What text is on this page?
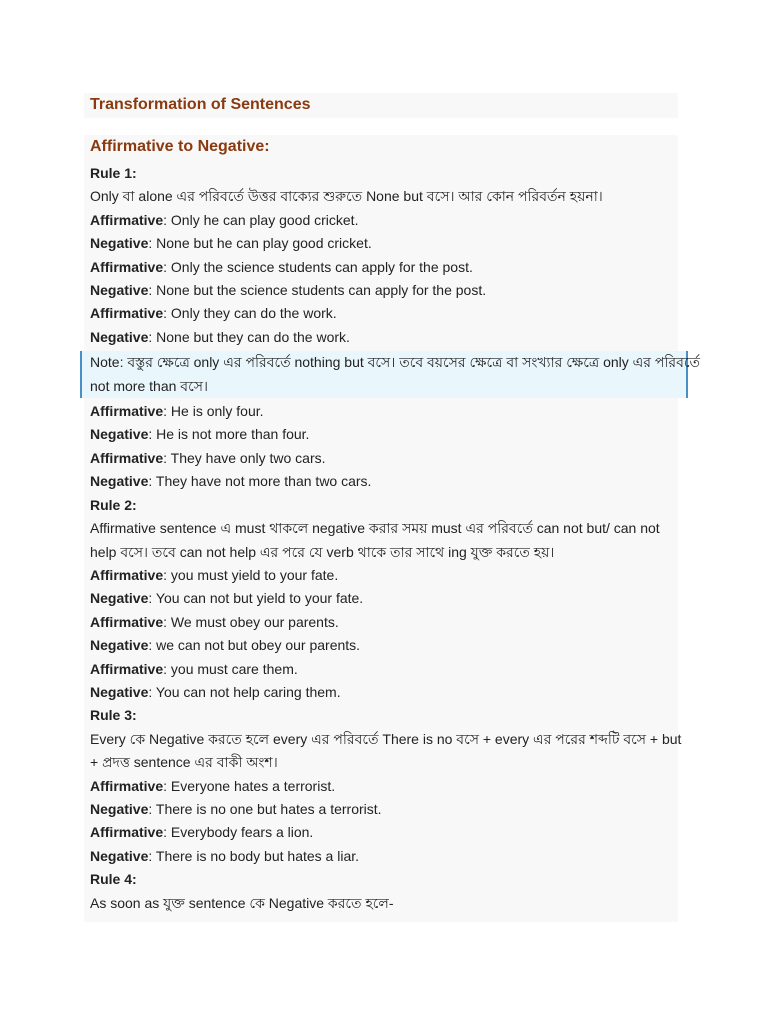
Transformation of Sentences
Affirmative to Negative:
Rule 1:
Only বা alone এর পরিবর্তে উত্তর বাক্যের শুরুতে None but বসে। আর কোন পরিবর্তন হয়না।
Affirmative: Only he can play good cricket.
Negative: None but he can play good cricket.
Affirmative: Only the science students can apply for the post.
Negative: None but the science students can apply for the post.
Affirmative: Only they can do the work.
Negative: None but they can do the work.
Note: বস্তুর ক্ষেত্রে only এর পরিবর্তে nothing but বসে। তবে বয়সের ক্ষেত্রে বা সংখ্যার ক্ষেত্রে only এর পরিবর্তে
not more than বসে।
Affirmative: He is only four.
Negative: He is not more than four.
Affirmative: They have only two cars.
Negative: They have not more than two cars.
Rule 2:
Affirmative sentence এ must থাকলে negative করার সময় must এর পরিবর্তে can not but/ can not
help বসে। তবে can not help এর পরে যে verb থাকে তার সাথে ing যুক্ত করতে হয়।
Affirmative: you must yield to your fate.
Negative: You can not but yield to your fate.
Affirmative: We must obey our parents.
Negative: we can not but obey our parents.
Affirmative: you must care them.
Negative: You can not help caring them.
Rule 3:
Every কে Negative করতে হলে every এর পরিবর্তে There is no বসে + every এর পরের শব্দটি বসে + but
+ প্রদত্ত sentence এর বাকী অংশ।
Affirmative: Everyone hates a terrorist.
Negative: There is no one but hates a terrorist.
Affirmative: Everybody fears a lion.
Negative: There is no body but hates a liar.
Rule 4:
As soon as যুক্ত sentence কে Negative করতে হলে-
